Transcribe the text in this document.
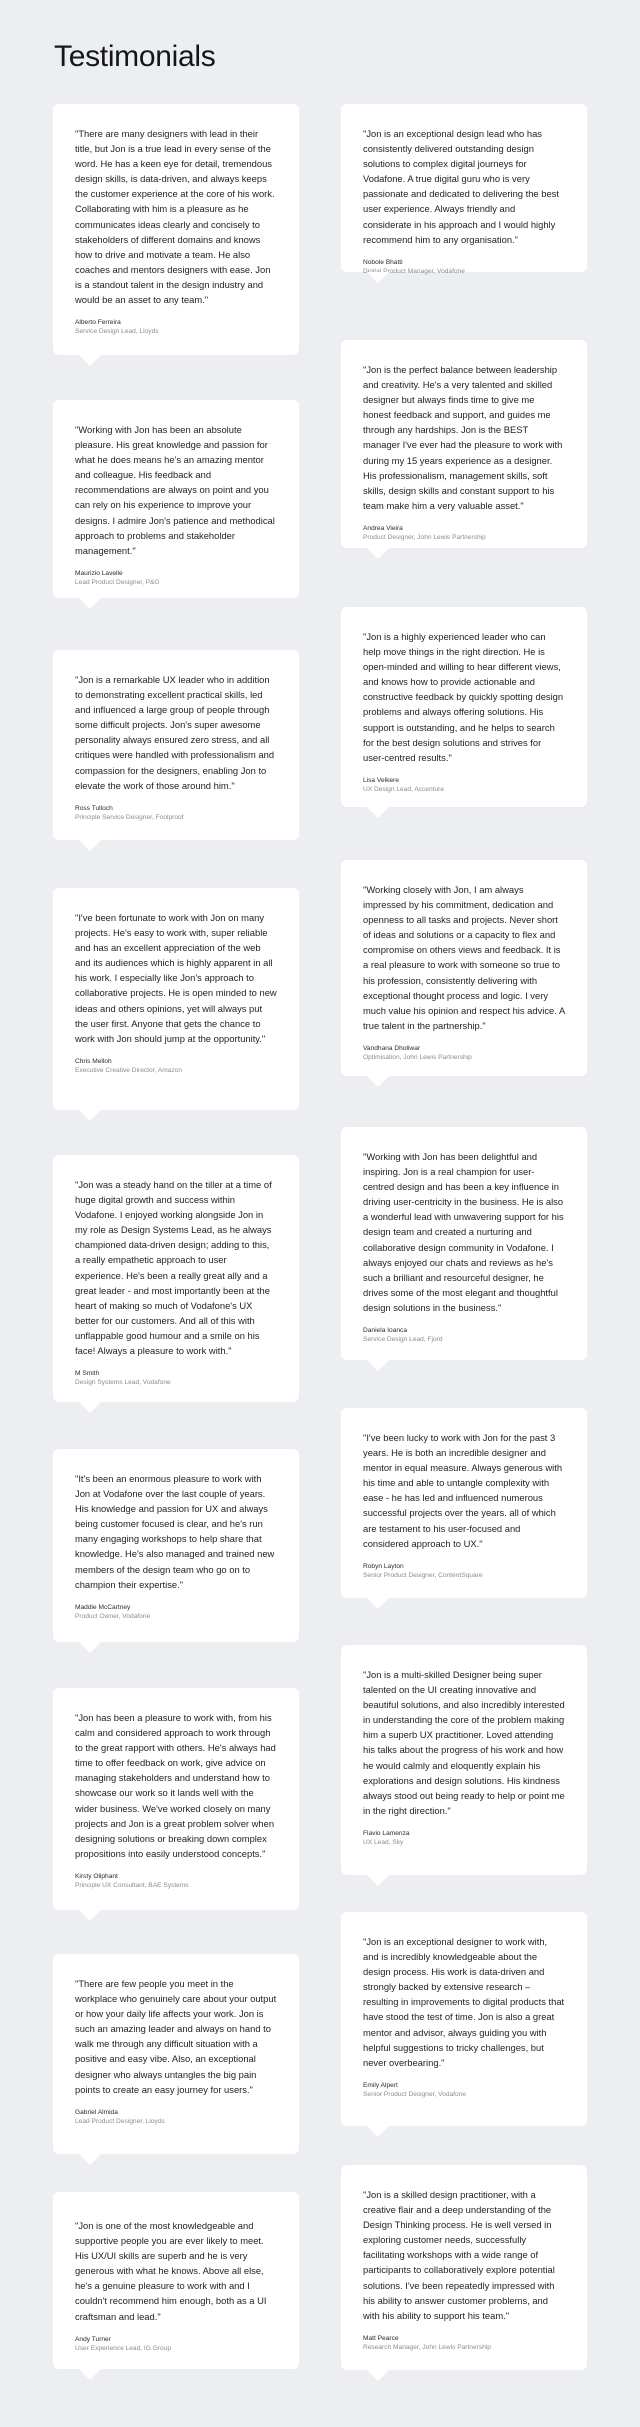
Testimonials

"There are many designers with lead in their title, but Jon is a true lead in every sense of the word. He has a keen eye for detail, tremendous design skills, is data-driven, and always keeps the customer experience at the core of his work. Collaborating with him is a pleasure as he communicates ideas clearly and concisely to stakeholders of different domains and knows how to drive and motivate a team. He also coaches and mentors designers with ease. Jon is a standout talent in the design industry and would be an asset to any team."

Alberto Ferreira
Service Design Lead, Lloyds

"Working with Jon has been an absolute pleasure. His great knowledge and passion for what he does means he's an amazing mentor and colleague. His feedback and recommendations are always on point and you can rely on his experience to improve your designs. I admire Jon's patience and methodical approach to problems and stakeholder management."

Maurizio Lavelle
Lead Product Designer, P&G

"Jon is a remarkable UX leader who in addition to demonstrating excellent practical skills, led and influenced a large group of people through some difficult projects. Jon's super awesome personality always ensured zero stress, and all critiques were handled with professionalism and compassion for the designers, enabling Jon to elevate the work of those around him."

Ross Tulloch
Principle Service Designer, Foolproof

"I've been fortunate to work with Jon on many projects. He's easy to work with, super reliable and has an excellent appreciation of the web and its audiences which is highly apparent in all his work. I especially like Jon's approach to collaborative projects. He is open minded to new ideas and others opinions, yet will always put the user first. Anyone that gets the chance to work with Jon should jump at the opportunity."

Chris Melloh
Executive Creative Director, Amazon

"Jon was a steady hand on the tiller at a time of huge digital growth and success within Vodafone. I enjoyed working alongside Jon in my role as Design Systems Lead, as he always championed data-driven design; adding to this, a really empathetic approach to user experience. He's been a really great ally and a great leader - and most importantly been at the heart of making so much of Vodafone's UX better for our customers. And all of this with unflappable good humour and a smile on his face! Always a pleasure to work with."

M Smith
Design Systems Lead, Vodafone

"It's been an enormous pleasure to work with Jon at Vodafone over the last couple of years. His knowledge and passion for UX and always being customer focused is clear, and he's run many engaging workshops to help share that knowledge. He's also managed and trained new members of the design team who go on to champion their expertise."

Maddie McCartney
Product Owner, Vodafone

"Jon has been a pleasure to work with, from his calm and considered approach to work through to the great rapport with others. He's always had time to offer feedback on work, give advice on managing stakeholders and understand how to showcase our work so it lands well with the wider business. We've worked closely on many projects and Jon is a great problem solver when designing solutions or breaking down complex propositions into easily understood concepts."

Kirsty Oliphant
Principle UX Consultant, BAE Systems

"There are few people you meet in the workplace who genuinely care about your output or how your daily life affects your work. Jon is such an amazing leader and always on hand to walk me through any difficult situation with a positive and easy vibe. Also, an exceptional designer who always untangles the big pain points to create an easy journey for users."

Gabriel Almida
Lead Product Designer, Lloyds

"Jon is one of the most knowledgeable and supportive people you are ever likely to meet. His UX/UI skills are superb and he is very generous with what he knows. Above all else, he's a genuine pleasure to work with and I couldn't recommend him enough, both as a UI craftsman and lead."

Andy Turner
User Experience Lead, IG Group

"Jon is an exceptional design lead who has consistently delivered outstanding design solutions to complex digital journeys for Vodafone. A true digital guru who is very passionate and dedicated to delivering the best user experience. Always friendly and considerate in his approach and I would highly recommend him to any organisation."

Nobole Bhatti
Digital Product Manager, Vodafone

"Jon is the perfect balance between leadership and creativity. He's a very talented and skilled designer but always finds time to give me honest feedback and support, and guides me through any hardships. Jon is the BEST manager I've ever had the pleasure to work with during my 15 years experience as a designer. His professionalism, management skills, soft skills, design skills and constant support to his team make him a very valuable asset."

Andrea Vieira
Product Designer, John Lewis Partnership

"Jon is a highly experienced leader who can help move things in the right direction. He is open-minded and willing to hear different views, and knows how to provide actionable and constructive feedback by quickly spotting design problems and always offering solutions. His support is outstanding, and he helps to search for the best design solutions and strives for user-centred results."

Lisa Velkere
UX Design Lead, Accenture

"Working closely with Jon, I am always impressed by his commitment, dedication and openness to all tasks and projects. Never short of ideas and solutions or a capacity to flex and compromise on others views and feedback. It is a real pleasure to work with someone so true to his profession, consistently delivering with exceptional thought process and logic. I very much value his opinion and respect his advice. A true talent in the partnership."

Vandhana Dholiwar
Optimisation, John Lewis Partnership

"Working with Jon has been delightful and inspiring. Jon is a real champion for user-centred design and has been a key influence in driving user-centricity in the business. He is also a wonderful lead with unwavering support for his design team and created a nurturing and collaborative design community in Vodafone. I always enjoyed our chats and reviews as he's such a brilliant and resourceful designer, he drives some of the most elegant and thoughtful design solutions in the business."

Daniela Ioanca
Service Design Lead, Fjord

"I've been lucky to work with Jon for the past 3 years. He is both an incredible designer and mentor in equal measure. Always generous with his time and able to untangle complexity with ease - he has led and influenced numerous successful projects over the years. all of which are testament to his user-focused and considered approach to UX."

Robyn Layton
Senior Product Designer, ContentSquare

"Jon is a multi-skilled Designer being super talented on the UI creating innovative and beautiful solutions, and also incredibly interested in understanding the core of the problem making him a superb UX practitioner. Loved attending his talks about the progress of his work and how he would calmly and eloquently explain his explorations and design solutions. His kindness always stood out being ready to help or point me in the right direction."

Flavio Lamenza
UX Lead, Sky

"Jon is an exceptional designer to work with, and is incredibly knowledgeable about the design process. His work is data-driven and strongly backed by extensive research – resulting in improvements to digital products that have stood the test of time. Jon is also a great mentor and advisor, always guiding you with helpful suggestions to tricky challenges, but never overbearing."

Emily Alpert
Senior Product Designer, Vodafone

"Jon is a skilled design practitioner, with a creative flair and a deep understanding of the Design Thinking process. He is well versed in exploring customer needs, successfully facilitating workshops with a wide range of participants to collaboratively explore potential solutions. I've been repeatedly impressed with his ability to answer customer problems, and with his ability to support his team."

Matt Pearce
Research Manager, John Lewis Partnership
